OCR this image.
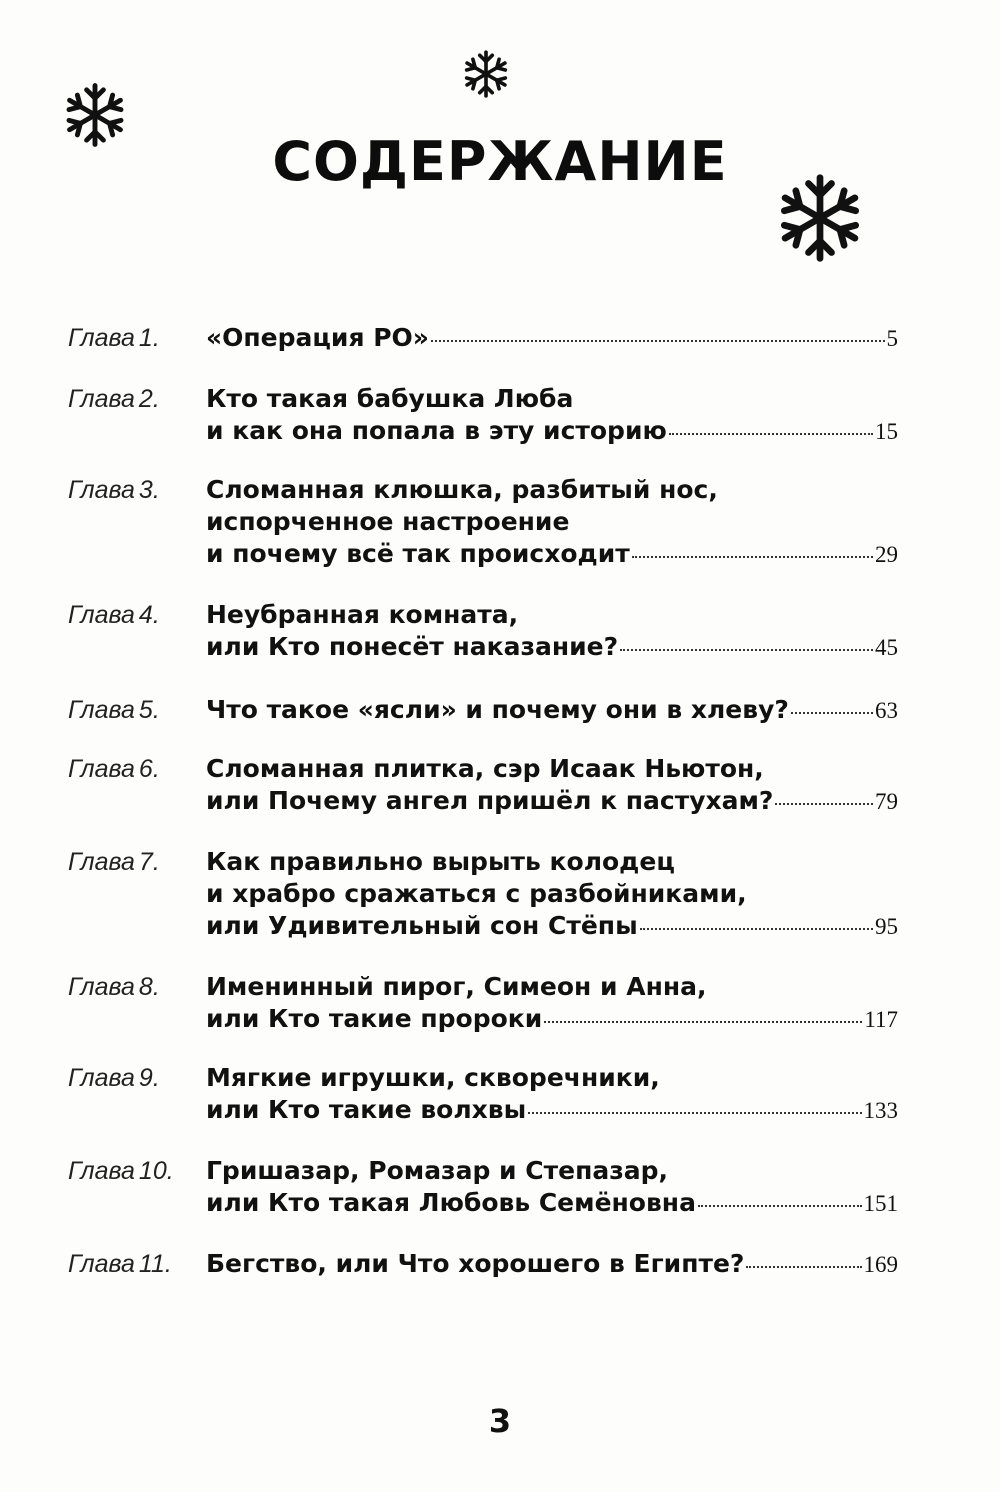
СОДЕРЖАНИЕ
Глава 1.	«Операция РО»	5
Глава 2.	Кто такая бабушка Люба
и как она попала в эту историю	15
Глава 3.	Сломанная клюшка, разбитый нос,
испорченное настроение
и почему всё так происходит	29
Глава 4.	Неубранная комната,
или Кто понесёт наказание?	45
Глава 5.	Что такое «ясли» и почему они в хлеву?	63
Глава 6.	Сломанная плитка, сэр Исаак Ньютон,
или Почему ангел пришёл к пастухам?	79
Глава 7.	Как правильно вырыть колодец
и храбро сражаться с разбойниками,
или Удивительный сон Стёпы	95
Глава 8.	Именинный пирог, Симеон и Анна,
или Кто такие пророки	117
Глава 9.	Мягкие игрушки, скворечники,
или Кто такие волхвы	133
Глава 10.	Гришазар, Ромазар и Степазар,
или Кто такая Любовь Семёновна	151
Глава 11.	Бегство, или Что хорошего в Египте?	169
3
